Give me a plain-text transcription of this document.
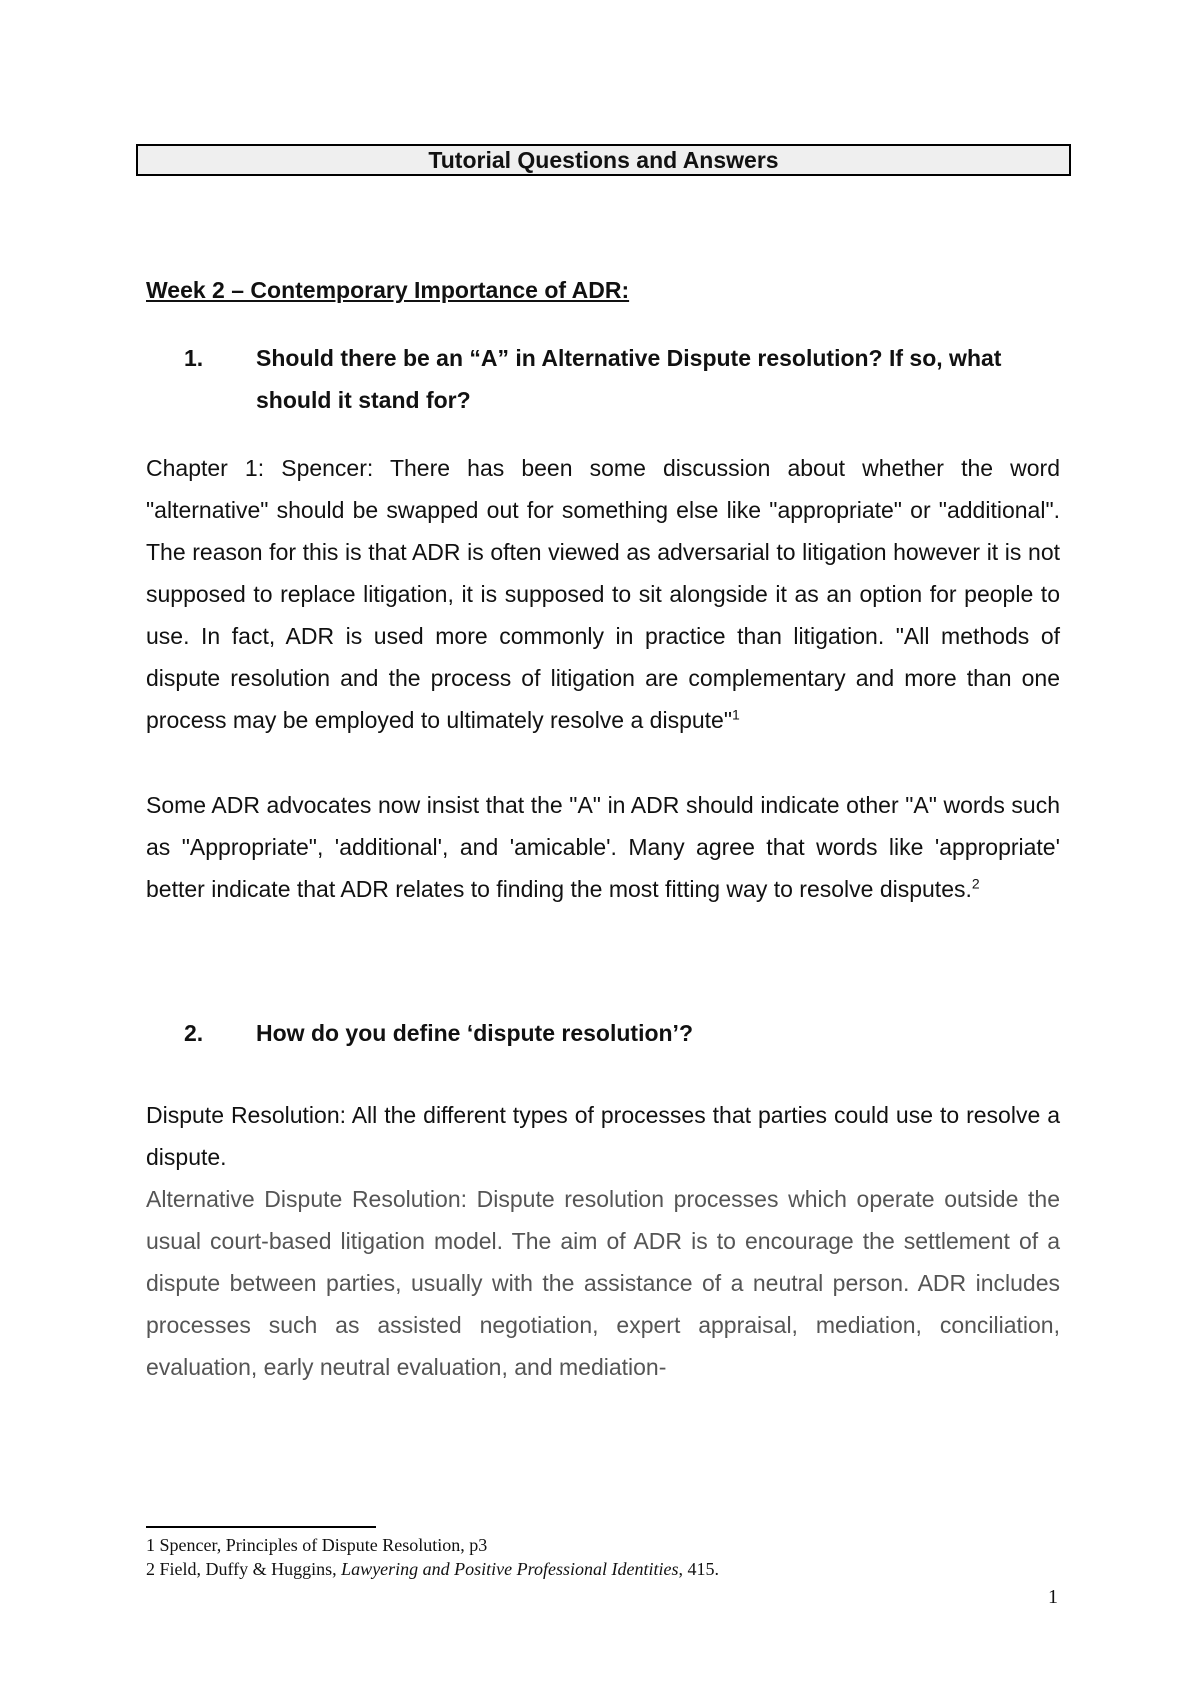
Tutorial Questions and Answers
Week 2 – Contemporary Importance of ADR:
1. Should there be an “A” in Alternative Dispute resolution? If so, what should it stand for?

Chapter 1: Spencer: There has been some discussion about whether the word "alternative" should be swapped out for something else like "appropriate" or "additional". The reason for this is that ADR is often viewed as adversarial to litigation however it is not supposed to replace litigation, it is supposed to sit alongside it as an option for people to use. In fact, ADR is used more commonly in practice than litigation. "All methods of dispute resolution and the process of litigation are complementary and more than one process may be employed to ultimately resolve a dispute"$^1$

Some ADR advocates now insist that the "A" in ADR should indicate other "A" words such as "Appropriate", 'additional', and 'amicable'. Many agree that words like 'appropriate' better indicate that ADR relates to finding the most fitting way to resolve disputes.$^2$

2. How do you define ‘dispute resolution’?

Dispute Resolution: All the different types of processes that parties could use to resolve a dispute.

Alternative Dispute Resolution: Dispute resolution processes which operate outside the usual court-based litigation model. The aim of ADR is to encourage the settlement of a dispute between parties, usually with the assistance of a neutral person. ADR includes processes such as assisted negotiation, expert appraisal, mediation, conciliation, evaluation, early neutral evaluation, and mediation-

1 Spencer, Principles of Dispute Resolution, p3
2 Field, Duffy & Huggins, Lawyering and Positive Professional Identities, 415.
1
